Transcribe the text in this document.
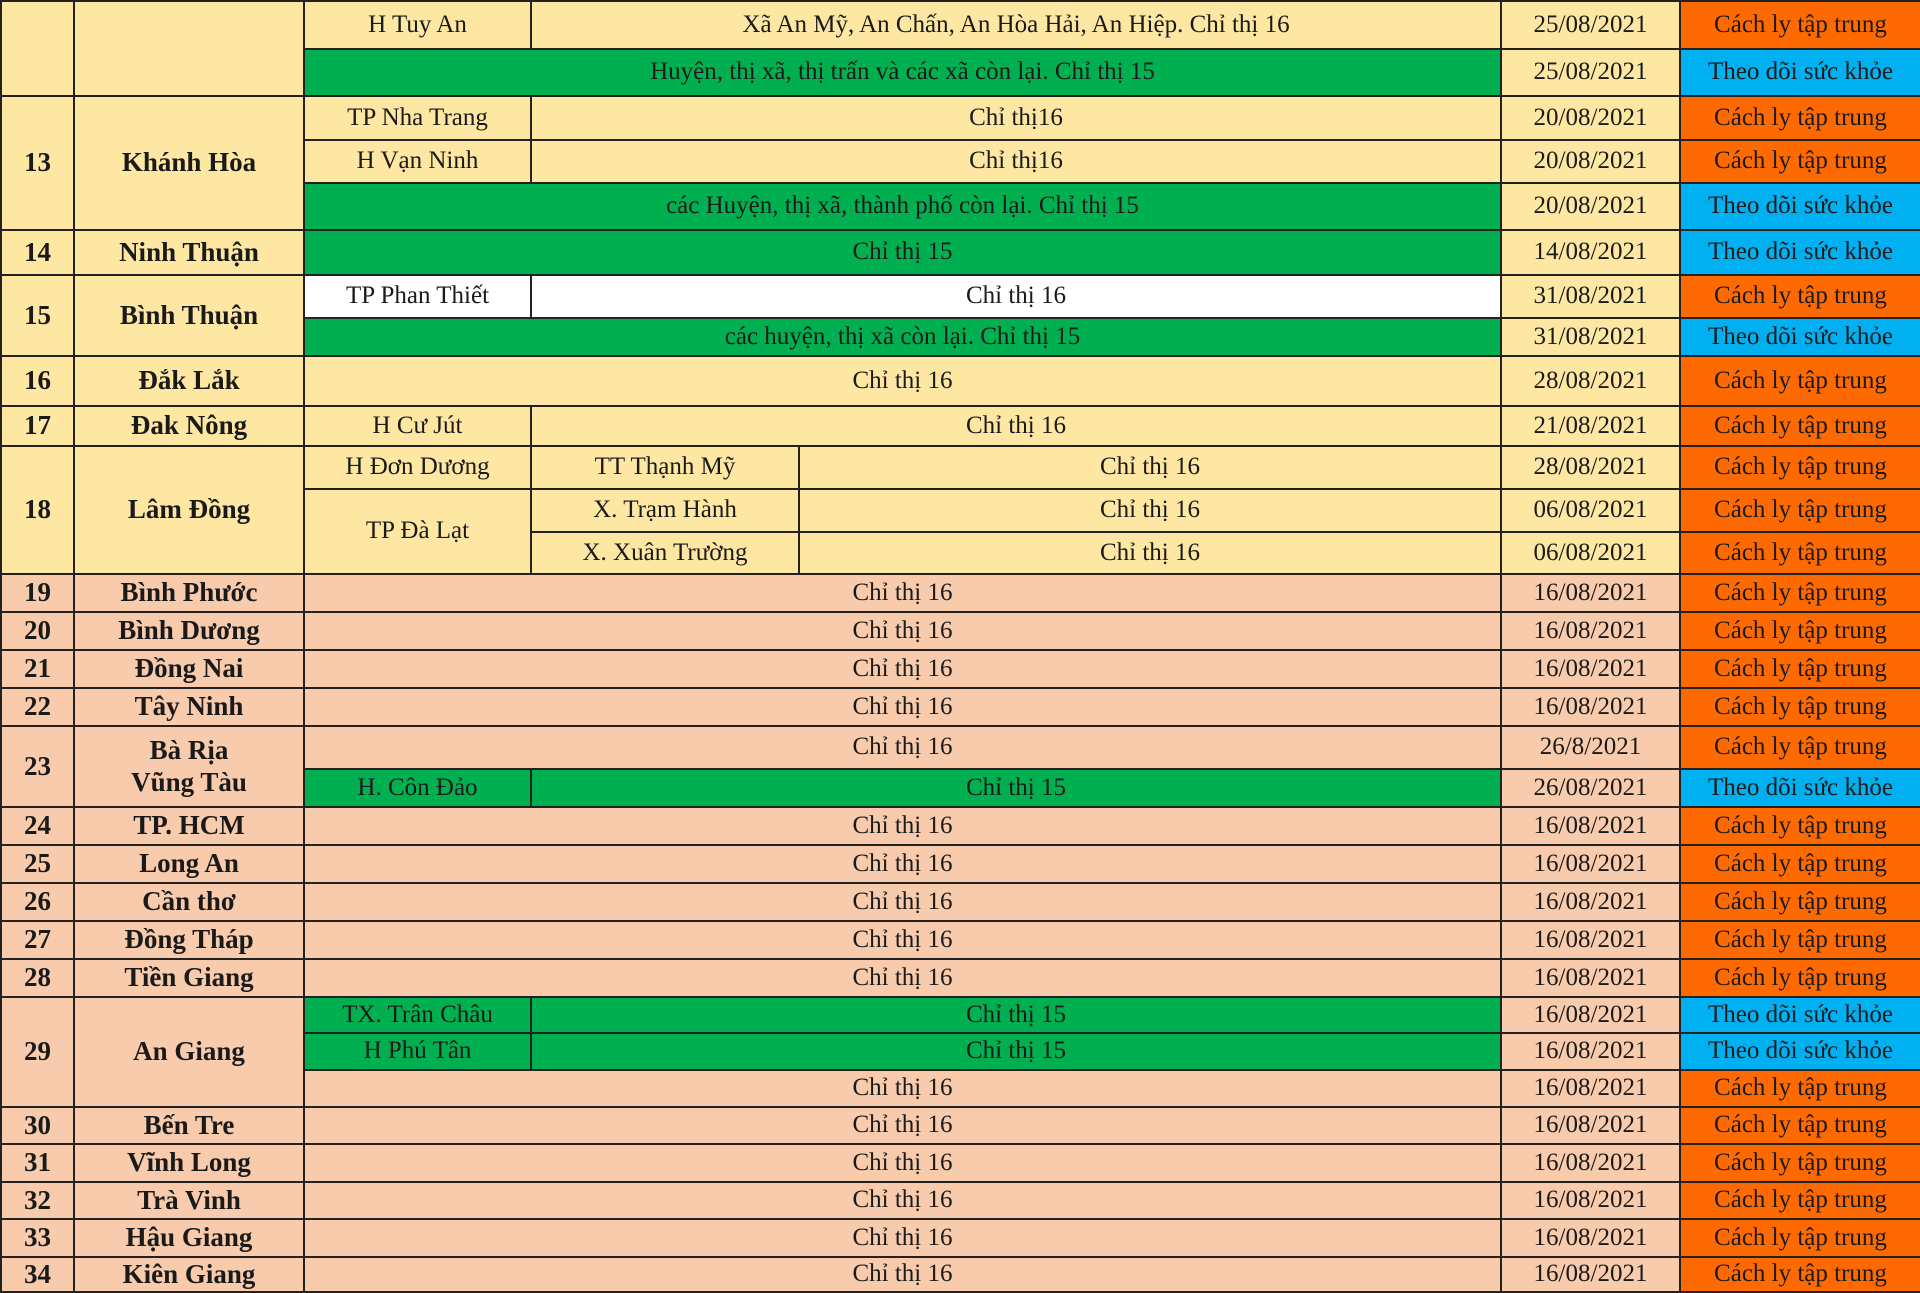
		H Tuy An	Xã An Mỹ, An Chấn, An Hòa Hải, An Hiệp. Chỉ thị 16		25/08/2021	Cách ly tập trung
		Huyện, thị xã, thị trấn và các xã còn lại. Chỉ thị 15			25/08/2021	Theo dõi sức khỏe
13	Khánh Hòa	TP Nha Trang	Chỉ thị16		20/08/2021	Cách ly tập trung
		H Vạn Ninh	Chỉ thị16		20/08/2021	Cách ly tập trung
		các Huyện, thị xã, thành phố còn lại. Chỉ thị 15			20/08/2021	Theo dõi sức khỏe
14	Ninh Thuận	Chỉ thị 15			14/08/2021	Theo dõi sức khỏe
15	Bình Thuận	TP Phan Thiết	Chỉ thị 16		31/08/2021	Cách ly tập trung
		các huyện, thị xã còn lại. Chỉ thị 15			31/08/2021	Theo dõi sức khỏe
16	Đắk Lắk	Chỉ thị 16			28/08/2021	Cách ly tập trung
17	Đak Nông	H Cư Jút	Chỉ thị 16		21/08/2021	Cách ly tập trung
18	Lâm Đồng	H Đơn Dương	TT Thạnh Mỹ	Chỉ thị 16	28/08/2021	Cách ly tập trung
		TP Đà Lạt	X. Trạm Hành	Chỉ thị 16	06/08/2021	Cách ly tập trung
			X. Xuân Trường	Chỉ thị 16	06/08/2021	Cách ly tập trung
19	Bình Phước	Chỉ thị 16			16/08/2021	Cách ly tập trung
20	Bình Dương	Chỉ thị 16			16/08/2021	Cách ly tập trung
21	Đồng Nai	Chỉ thị 16			16/08/2021	Cách ly tập trung
22	Tây Ninh	Chỉ thị 16			16/08/2021	Cách ly tập trung
23	Bà Rịa
Vũng Tàu	Chỉ thị 16			26/8/2021	Cách ly tập trung
		H. Côn Đảo	Chỉ thị 15		26/08/2021	Theo dõi sức khỏe
24	TP. HCM	Chỉ thị 16			16/08/2021	Cách ly tập trung
25	Long An	Chỉ thị 16			16/08/2021	Cách ly tập trung
26	Cần thơ	Chỉ thị 16			16/08/2021	Cách ly tập trung
27	Đồng Tháp	Chỉ thị 16			16/08/2021	Cách ly tập trung
28	Tiền Giang	Chỉ thị 16			16/08/2021	Cách ly tập trung
29	An Giang	TX. Trân Châu	Chỉ thị 15		16/08/2021	Theo dõi sức khỏe
		H Phú Tân	Chỉ thị 15		16/08/2021	Theo dõi sức khỏe
		Chỉ thị 16			16/08/2021	Cách ly tập trung
30	Bến Tre	Chỉ thị 16			16/08/2021	Cách ly tập trung
31	Vĩnh Long	Chỉ thị 16			16/08/2021	Cách ly tập trung
32	Trà Vinh	Chỉ thị 16			16/08/2021	Cách ly tập trung
33	Hậu Giang	Chỉ thị 16			16/08/2021	Cách ly tập trung
34	Kiên Giang	Chỉ thị 16			16/08/2021	Cách ly tập trung
